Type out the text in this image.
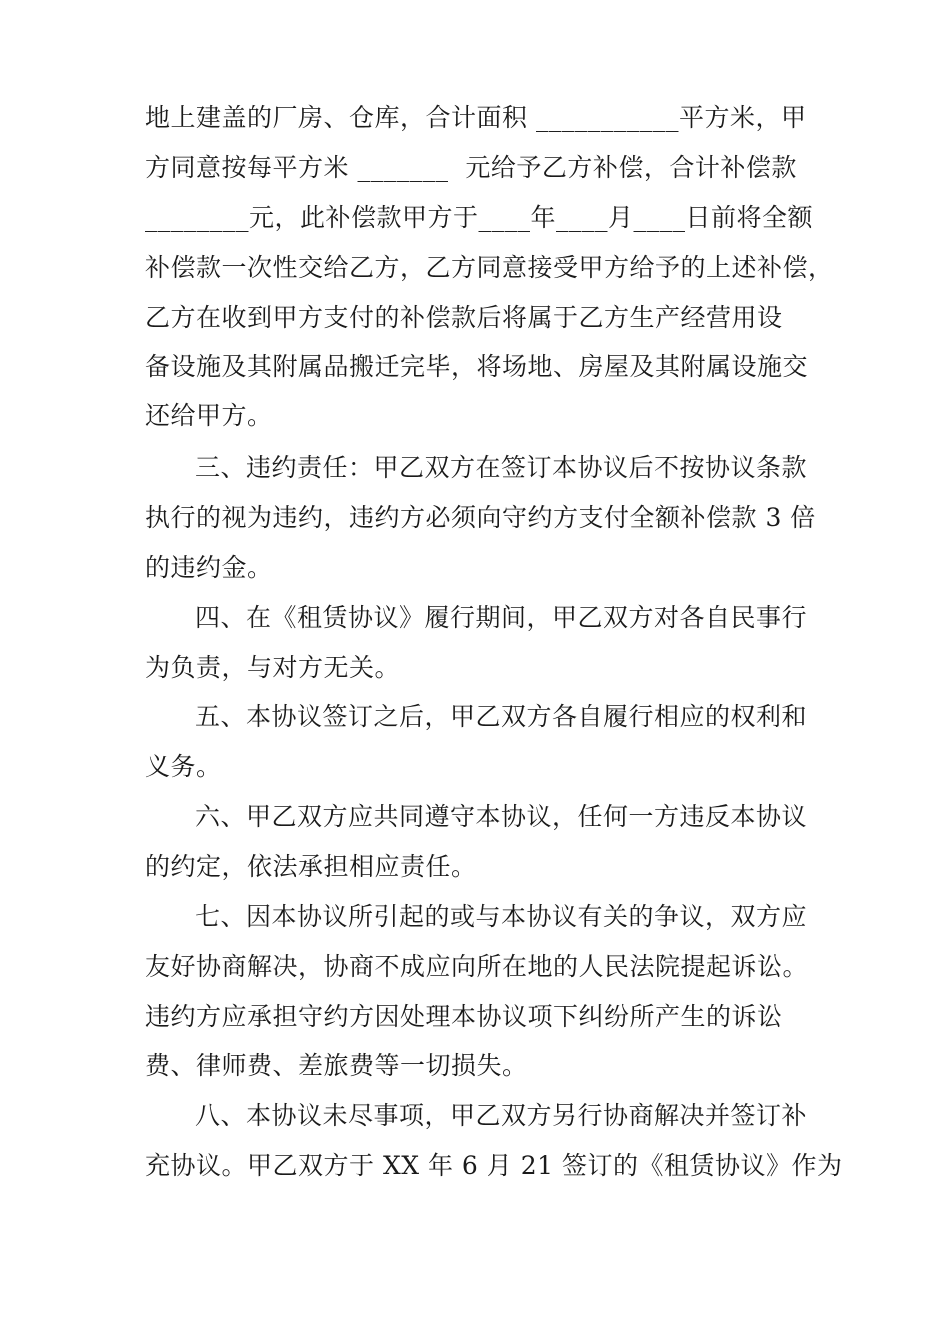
地上建盖的厂房、仓库，合计面积 ___________平方米，甲
方同意按每平方米 _______  元给予乙方补偿，合计补偿款
________元，此补偿款甲方于____年____月____日前将全额
补偿款一次性交给乙方，乙方同意接受甲方给予的上述补偿，
乙方在收到甲方支付的补偿款后将属于乙方生产经营用设
备设施及其附属品搬迁完毕，将场地、房屋及其附属设施交
还给甲方。
三、违约责任：甲乙双方在签订本协议后不按协议条款
执行的视为违约，违约方必须向守约方支付全额补偿款 3 倍
的违约金。
四、在《租赁协议》履行期间，甲乙双方对各自民事行
为负责，与对方无关。
五、本协议签订之后，甲乙双方各自履行相应的权利和
义务。
六、甲乙双方应共同遵守本协议，任何一方违反本协议
的约定，依法承担相应责任。
七、因本协议所引起的或与本协议有关的争议，双方应
友好协商解决，协商不成应向所在地的人民法院提起诉讼。
违约方应承担守约方因处理本协议项下纠纷所产生的诉讼
费、律师费、差旅费等一切损失。
八、本协议未尽事项，甲乙双方另行协商解决并签订补
充协议。甲乙双方于 XX 年 6 月 21 签订的《租赁协议》作为
